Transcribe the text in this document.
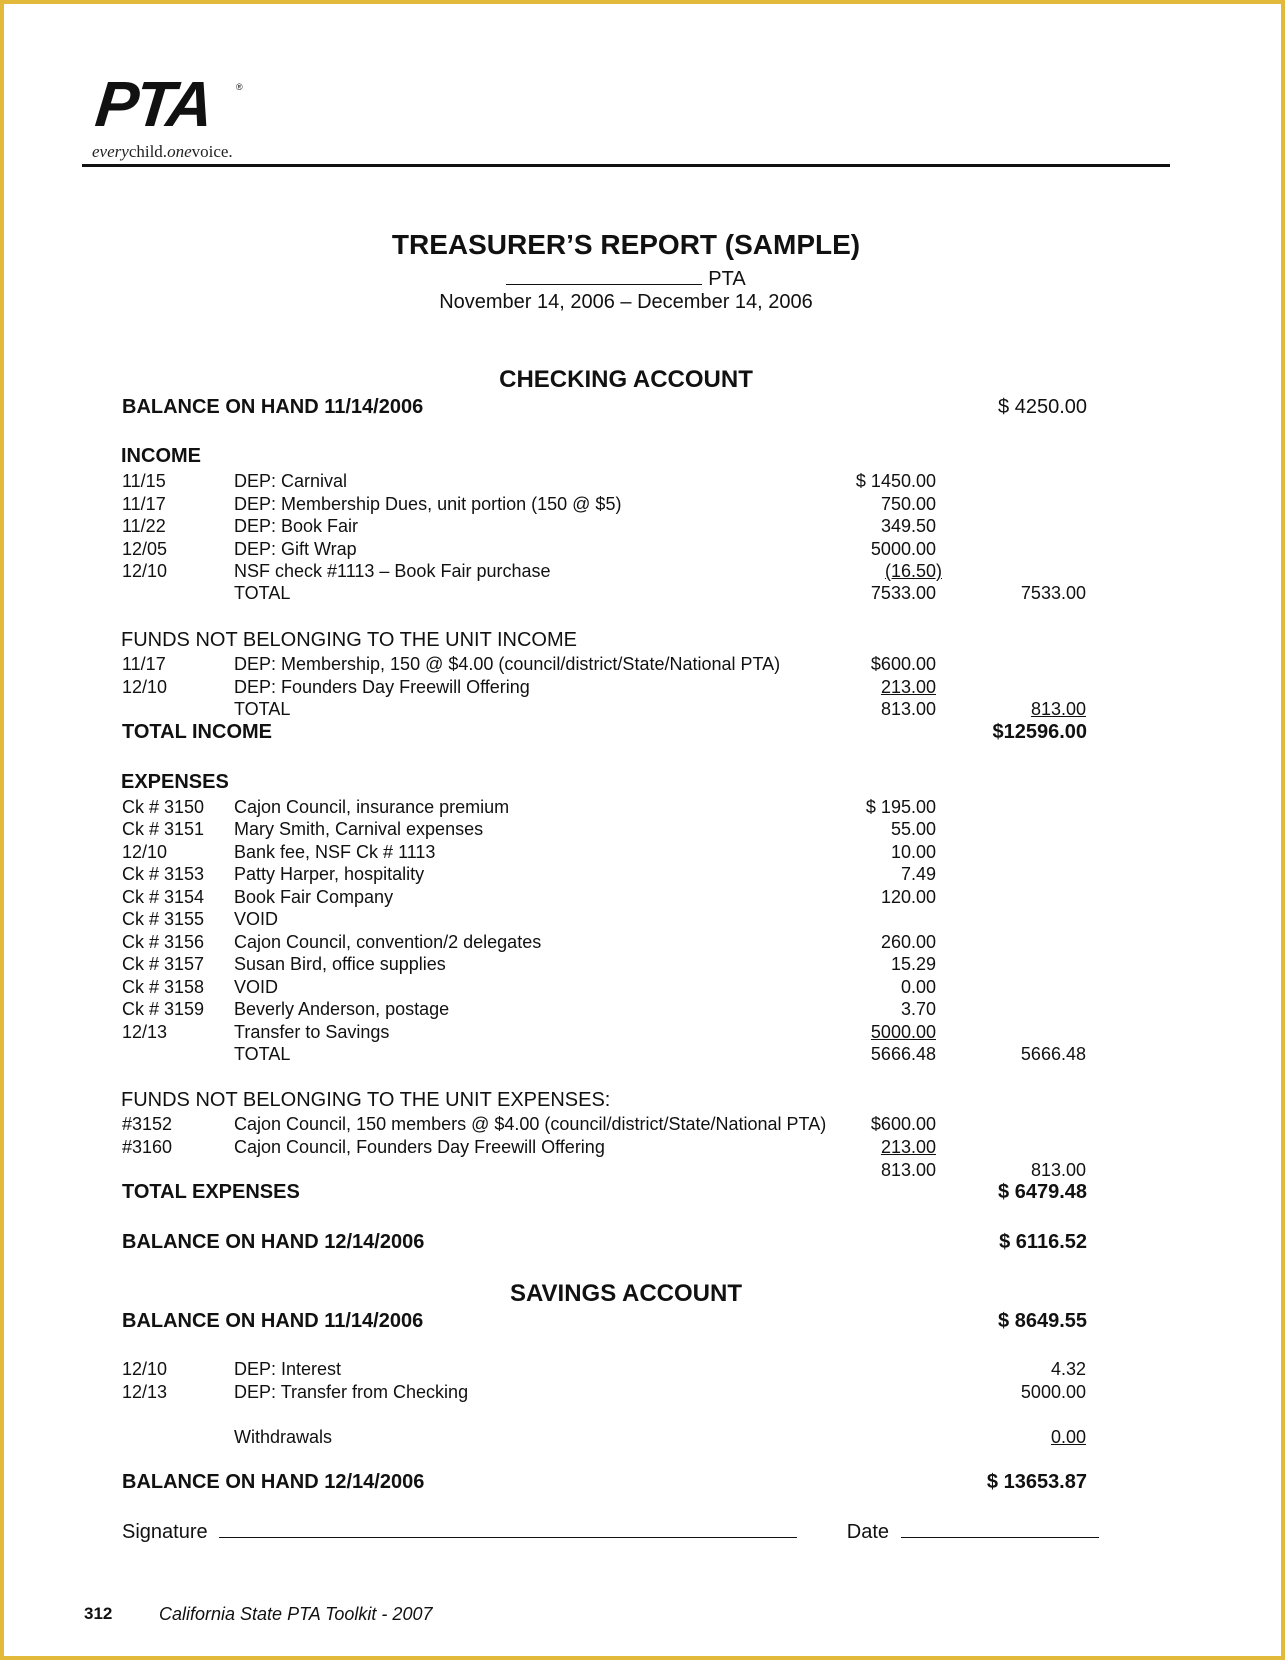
PTA ®
everychild.onevoice.
TREASURER’S REPORT (SAMPLE)
PTA
November 14, 2006 – December 14, 2006
CHECKING ACCOUNT
BALANCE ON HAND 11/14/2006	$ 4250.00
INCOME
11/15	DEP: Carnival	$ 1450.00
11/17	DEP: Membership Dues, unit portion (150 @ $5)	750.00
11/22	DEP: Book Fair	349.50
12/05	DEP: Gift Wrap	5000.00
12/10	NSF check #1113 – Book Fair purchase	(16.50)
TOTAL	7533.00	7533.00
FUNDS NOT BELONGING TO THE UNIT INCOME
11/17	DEP: Membership, 150 @ $4.00 (council/district/State/National PTA)	$600.00
12/10	DEP: Founders Day Freewill Offering	213.00
TOTAL	813.00	813.00
TOTAL INCOME	$12596.00
EXPENSES
Ck # 3150 Cajon Council, insurance premium	$ 195.00
Ck # 3151 Mary Smith, Carnival expenses	55.00
12/10	Bank fee, NSF Ck # 1113	10.00
Ck # 3153 Patty Harper, hospitality	7.49
Ck # 3154 Book Fair Company	120.00
Ck # 3155 VOID
Ck # 3156 Cajon Council, convention/2 delegates	260.00
Ck # 3157 Susan Bird, office supplies	15.29
Ck # 3158 VOID	0.00
Ck # 3159 Beverly Anderson, postage	3.70
12/13	Transfer to Savings	5000.00
TOTAL	5666.48	5666.48
FUNDS NOT BELONGING TO THE UNIT EXPENSES:
#3152	Cajon Council, 150 members @ $4.00 (council/district/State/National PTA) $600.00
#3160	Cajon Council, Founders Day Freewill Offering	213.00
813.00	813.00
TOTAL EXPENSES	$ 6479.48
BALANCE ON HAND 12/14/2006	$ 6116.52
SAVINGS ACCOUNT
BALANCE ON HAND 11/14/2006	$ 8649.55
12/10	DEP: Interest	4.32
12/13	DEP: Transfer from Checking	5000.00
Withdrawals	0.00
BALANCE ON HAND 12/14/2006	$ 13653.87
Signature	Date
312	California State PTA Toolkit - 2007
